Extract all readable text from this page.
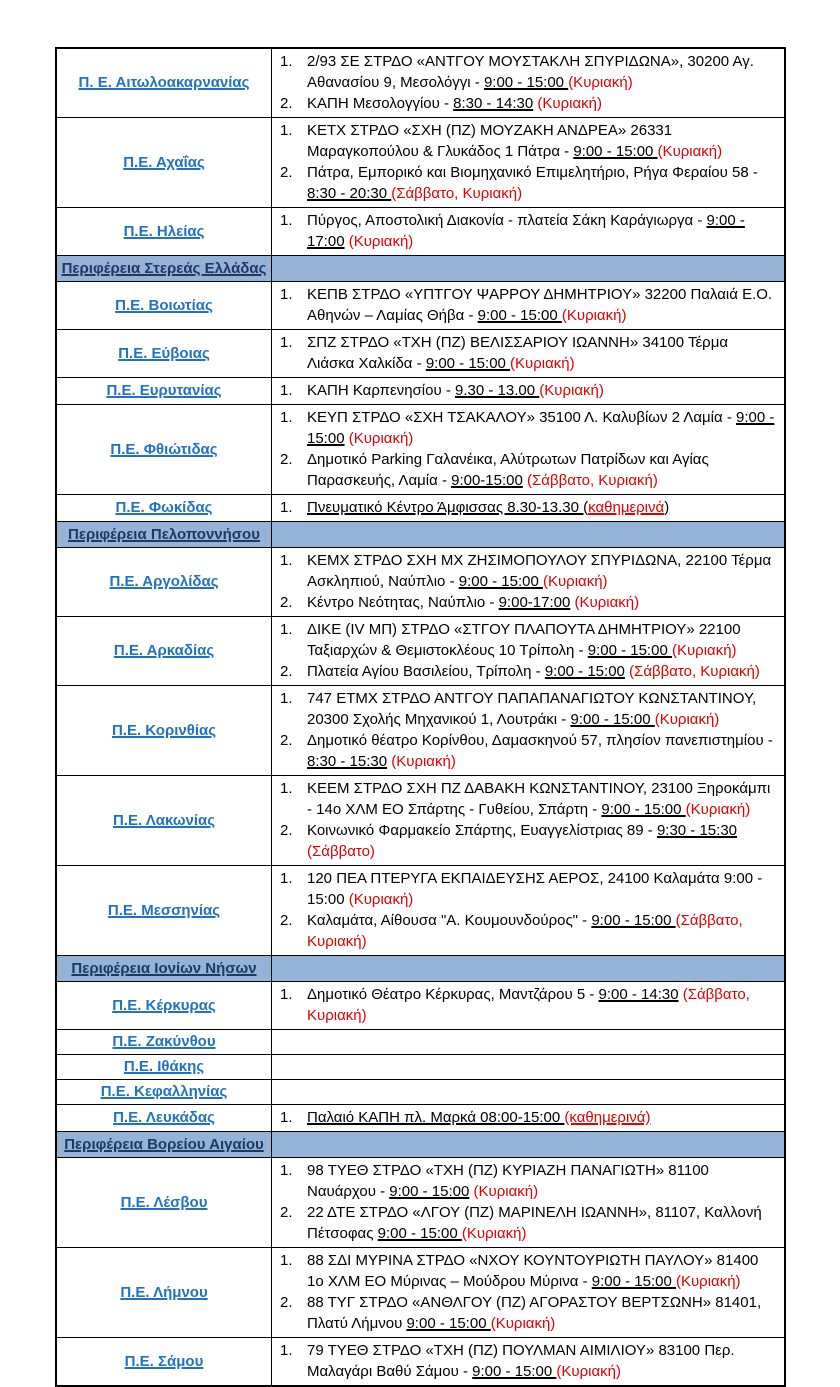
Π. Ε. Αιτωλοακαρνανίας
1. 2/93 ΣΕ ΣΤΡΔΟ «ΑΝΤΓΟΥ ΜΟΥΣΤΑΚΛΗ ΣΠΥΡΙΔΩΝΑ», 30200 Αγ. Αθανασίου 9, Μεσολόγγι - 9:00 - 15:00 (Κυριακή)
2. ΚΑΠΗ Μεσολογγίου - 8:30 - 14:30 (Κυριακή)
Π.Ε. Αχαΐας
1. ΚΕΤΧ ΣΤΡΔΟ «ΣΧΗ (ΠΖ) ΜΟΥΖΑΚΗ ΑΝΔΡΕΑ» 26331 Μαραγκοπούλου & Γλυκάδος 1 Πάτρα - 9:00 - 15:00 (Κυριακή)
2. Πάτρα, Εμπορικό και Βιομηχανικό Επιμελητήριο, Ρήγα Φεραίου 58 - 8:30 - 20:30 (Σάββατο, Κυριακή)
Π.Ε. Ηλείας
1. Πύργος, Αποστολική Διακονία - πλατεία Σάκη Καράγιωργα - 9:00 - 17:00 (Κυριακή)
Περιφέρεια Στερεάς Ελλάδας
Π.Ε. Βοιωτίας
1. ΚΕΠΒ ΣΤΡΔΟ «ΥΠΤΓΟΥ ΨΑΡΡΟΥ ΔΗΜΗΤΡΙΟΥ» 32200 Παλαιά Ε.Ο. Αθηνών – Λαμίας Θήβα - 9:00 - 15:00 (Κυριακή)
Π.Ε. Εύβοιας
1. ΣΠΖ ΣΤΡΔΟ «ΤΧΗ (ΠΖ) ΒΕΛΙΣΣΑΡΙΟΥ ΙΩΑΝΝΗ» 34100 Τέρμα Λιάσκα Χαλκίδα - 9:00 - 15:00 (Κυριακή)
Π.Ε. Ευρυτανίας	1. ΚΑΠΗ Καρπενησίου - 9.30 - 13.00 (Κυριακή)
Π.Ε. Φθιώτιδας
1. ΚΕΥΠ ΣΤΡΔΟ «ΣΧΗ ΤΣΑΚΑΛΟΥ» 35100 Λ. Καλυβίων 2 Λαμία - 9:00 - 15:00 (Κυριακή)
2. Δημοτικό Parking Γαλανέικα, Αλύτρωτων Πατρίδων και Αγίας Παρασκευής, Λαμία - 9:00-15:00 (Σάββατο, Κυριακή)
Π.Ε. Φωκίδας	1. Πνευματικό Κέντρο Άμφισσας 8.30-13.30 (καθημερινά)
Περιφέρεια Πελοποννήσου
Π.Ε. Αργολίδας
1. ΚΕΜΧ ΣΤΡΔΟ ΣΧΗ ΜΧ ΖΗΣΙΜΟΠΟΥΛΟΥ ΣΠΥΡΙΔΩΝΑ, 22100 Τέρμα Ασκληπιού, Ναύπλιο - 9:00 - 15:00 (Κυριακή)
2. Κέντρο Νεότητας, Ναύπλιο - 9:00-17:00 (Κυριακή)
Π.Ε. Αρκαδίας
1. ΔΙΚΕ (IV ΜΠ) ΣΤΡΔΟ «ΣΤΓΟΥ ΠΛΑΠΟΥΤΑ ΔΗΜΗΤΡΙΟΥ» 22100 Ταξιαρχών & Θεμιστοκλέους 10 Τρίπολη - 9:00 - 15:00 (Κυριακή)
2. Πλατεία Αγίου Βασιλείου, Τρίπολη - 9:00 - 15:00 (Σάββατο, Κυριακή)
Π.Ε. Κορινθίας
1. 747 ΕΤΜΧ ΣΤΡΔΟ ΑΝΤΓΟΥ ΠΑΠΑΠΑΝΑΓΙΩΤΟΥ ΚΩΝΣΤΑΝΤΙΝΟΥ, 20300 Σχολής Μηχανικού 1, Λουτράκι - 9:00 - 15:00 (Κυριακή)
2. Δημοτικό θέατρο Κορίνθου, Δαμασκηνού 57, πλησίον πανεπιστημίου - 8:30 - 15:30 (Κυριακή)
Π.Ε. Λακωνίας
1. ΚΕΕΜ ΣΤΡΔΟ ΣΧΗ ΠΖ ΔΑΒΑΚΗ ΚΩΝΣΤΑΝΤΙΝΟΥ, 23100 Ξηροκάμπι - 14ο ΧΛΜ ΕΟ Σπάρτης - Γυθείου, Σπάρτη - 9:00 - 15:00 (Κυριακή)
2. Κοινωνικό Φαρμακείο Σπάρτης, Ευαγγελίστριας 89 - 9:30 - 15:30 (Σάββατο)
Π.Ε. Μεσσηνίας
1. 120 ΠΕΑ ΠΤΕΡΥΓΑ ΕΚΠΑΙΔΕΥΣΗΣ ΑΕΡΟΣ, 24100 Καλαμάτα 9:00 - 15:00 (Κυριακή)
2. Καλαμάτα, Αίθουσα "Α. Κουμουνδούρος" - 9:00 - 15:00 (Σάββατο, Κυριακή)
Περιφέρεια Ιονίων Νήσων
Π.Ε. Κέρκυρας
1. Δημοτικό Θέατρο Κέρκυρας, Μαντζάρου 5 - 9:00 - 14:30 (Σάββατο, Κυριακή)
Π.Ε. Ζακύνθου
Π.Ε. Ιθάκης
Π.Ε. Κεφαλληνίας
Π.Ε. Λευκάδας	1. Παλαιό ΚΑΠΗ πλ. Μαρκά 08:00-15:00 (καθημερινά)
Περιφέρεια Βορείου Αιγαίου
Π.Ε. Λέσβου
1. 98 ΤΥΕΘ ΣΤΡΔΟ «ΤΧΗ (ΠΖ) ΚΥΡΙΑΖΗ ΠΑΝΑΓΙΩΤΗ» 81100 Ναυάρχου - 9:00 - 15:00 (Κυριακή)
2. 22 ΔΤΕ ΣΤΡΔΟ «ΛΓΟΥ (ΠΖ) ΜΑΡΙΝΕΛΗ ΙΩΑΝΝΗ», 81107, Καλλονή Πέτσοφας 9:00 - 15:00 (Κυριακή)
Π.Ε. Λήμνου
1. 88 ΣΔΙ ΜΥΡΙΝΑ ΣΤΡΔΟ «ΝΧΟΥ ΚΟΥΝΤΟΥΡΙΩΤΗ ΠΑΥΛΟΥ» 81400 1ο ΧΛΜ ΕΟ Μύρινας – Μούδρου Μύρινα - 9:00 - 15:00 (Κυριακή)
2. 88 ΤΥΓ ΣΤΡΔΟ «ΑΝΘΛΓΟΥ (ΠΖ) ΑΓΟΡΑΣΤΟΥ ΒΕΡΤΣΩΝΗ» 81401, Πλατύ Λήμνου 9:00 - 15:00 (Κυριακή)
Π.Ε. Σάμου
1. 79 ΤΥΕΘ ΣΤΡΔΟ «ΤΧΗ (ΠΖ) ΠΟΥΛΜΑΝ ΑΙΜΙΛΙΟΥ» 83100 Περ. Μαλαγάρι Βαθύ Σάμου - 9:00 - 15:00 (Κυριακή)
